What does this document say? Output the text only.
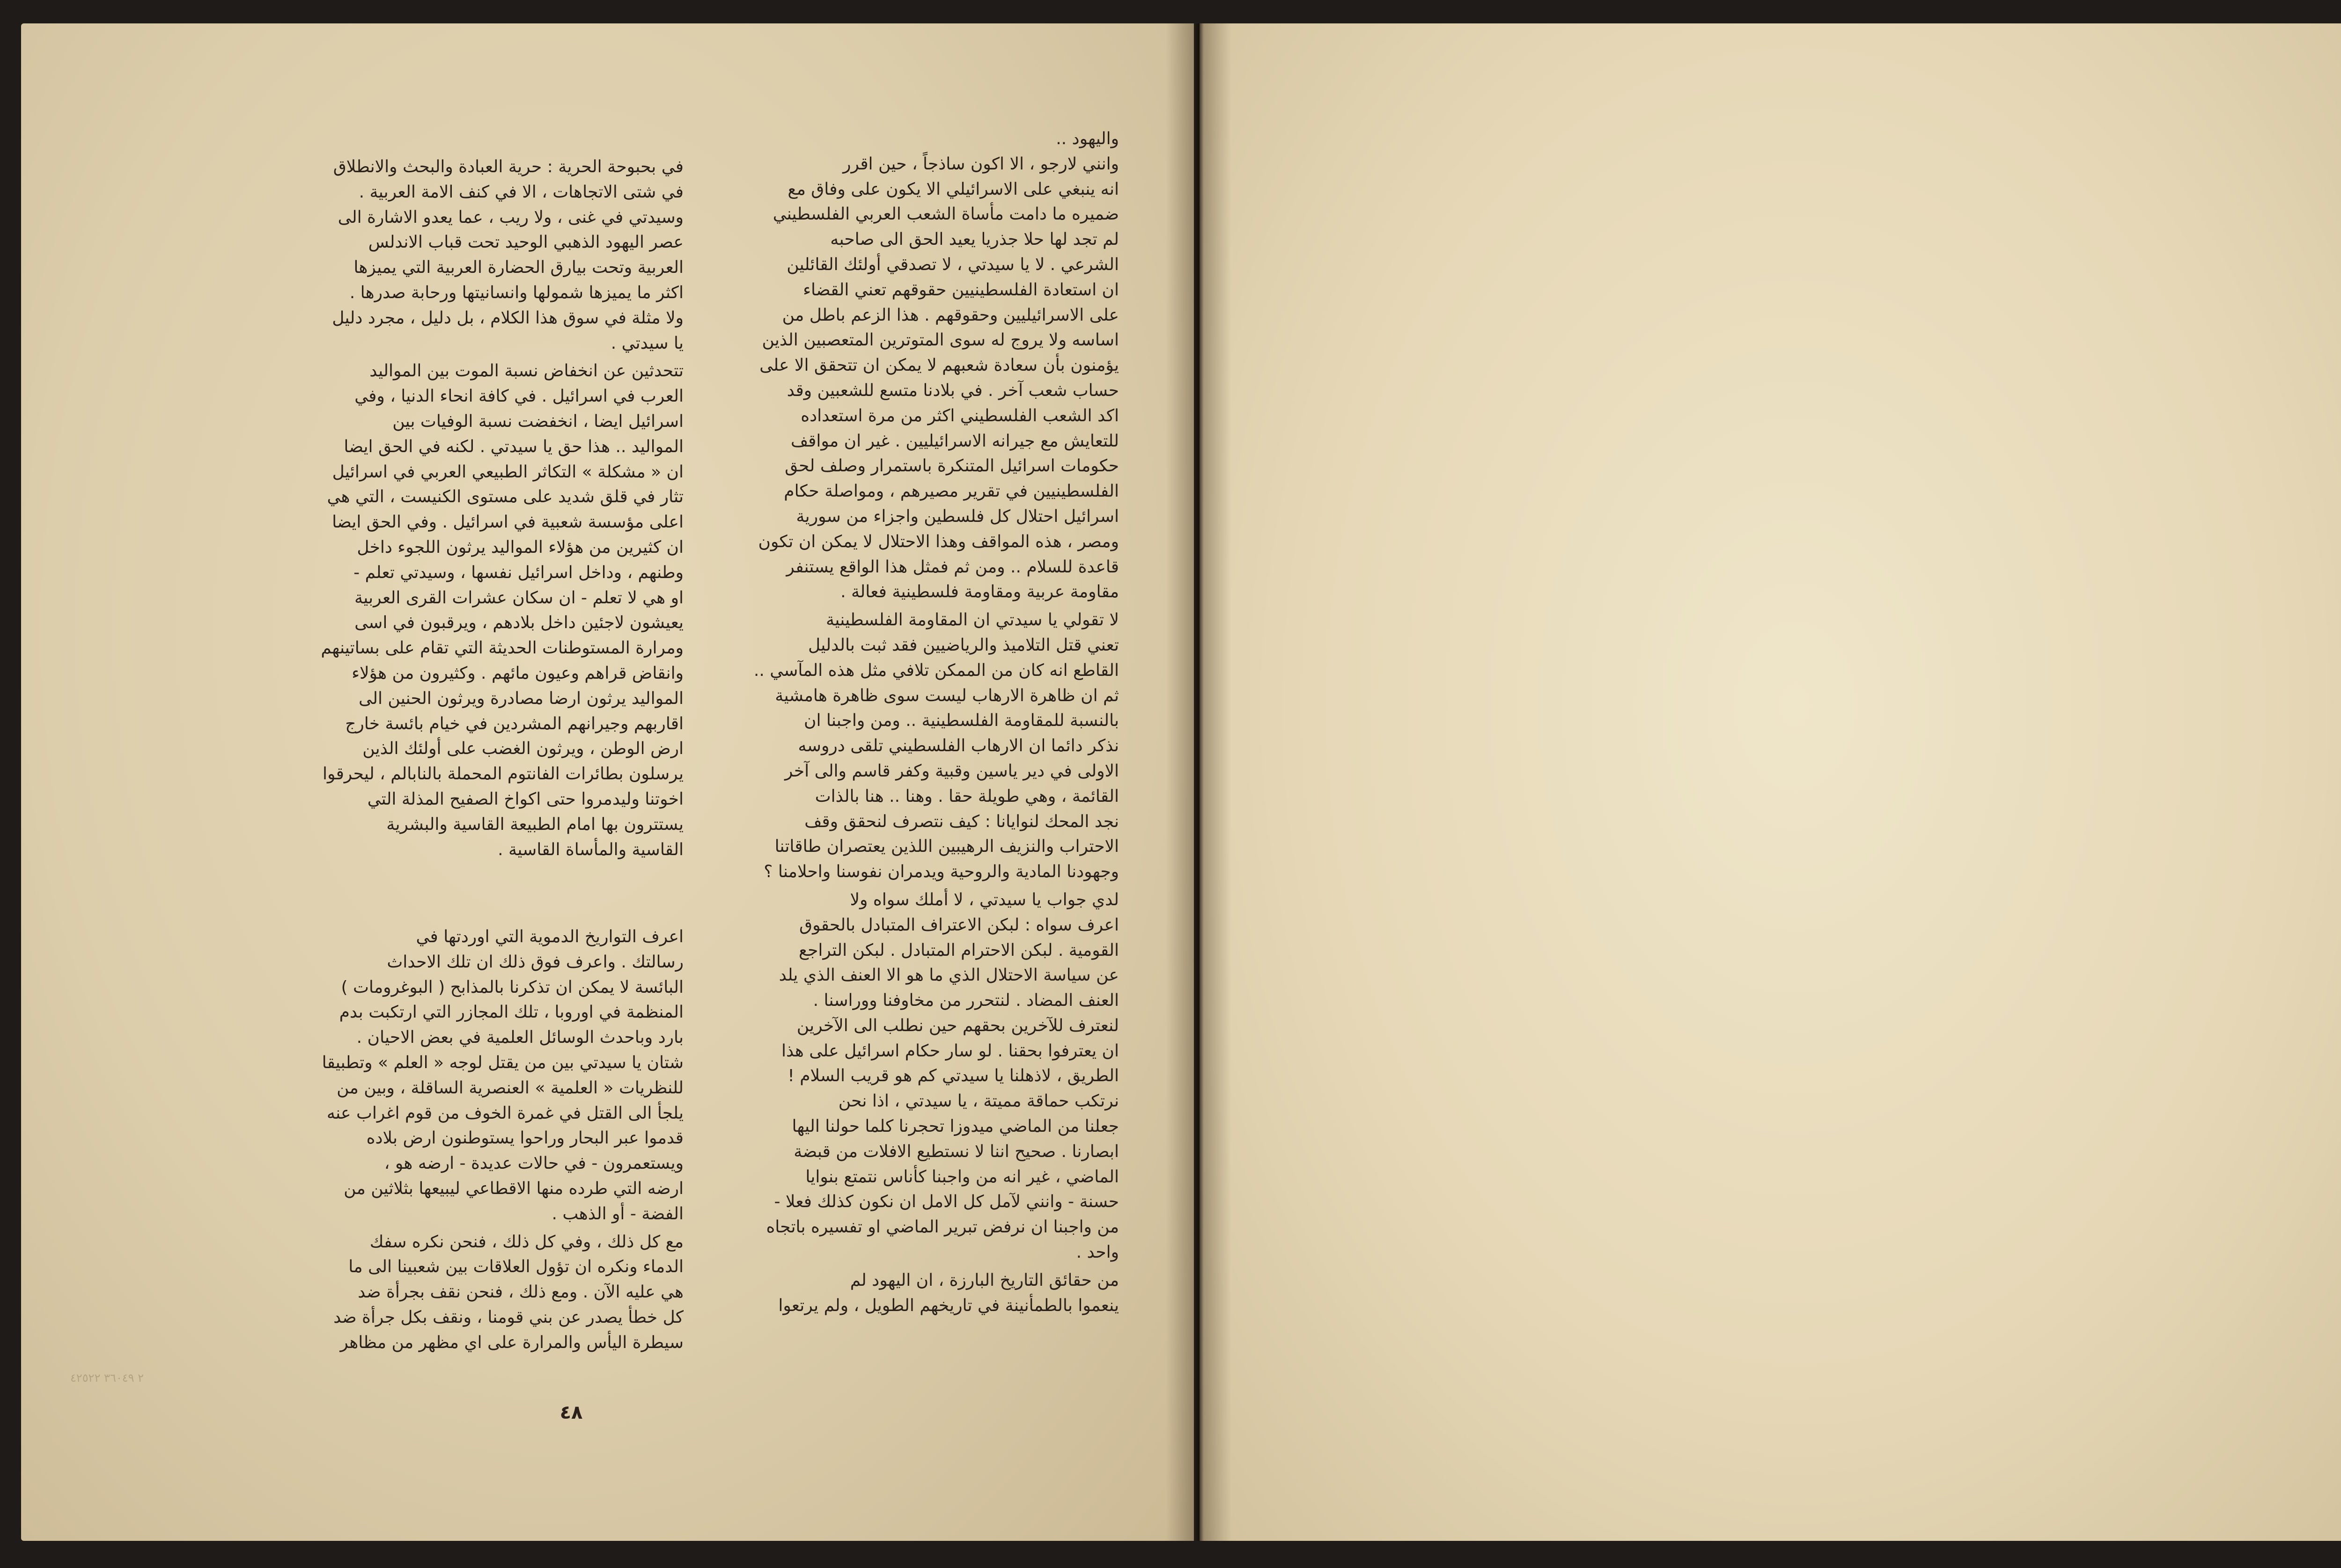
٢ ٣٦٠٤٩ ٤٢٥٢٢

والیهود ..
وانني لارجو ، الا اکون ساذجاً ، حين اقرر
انه ينبغي على الاسرائيلي الا يكون على وفاق مع
ضميره ما دامت مأساة الشعب العربي الفلسطيني
لم تجد لها حلا جذريا يعيد الحق الى صاحبه
الشرعي . لا يا سيدتي ، لا تصدقي أولئك القائلين
ان استعادة الفلسطينيين حقوقهم تعني القضاء
على الاسرائيليين وحقوقهم . هذا الزعم باطل من
اساسه ولا يروج له سوى المتوترين المتعصبين الذين
يؤمنون بأن سعادة شعبهم لا يمكن ان تتحقق الا على
حساب شعب آخر . في بلادنا متسع للشعبين وقد
اكد الشعب الفلسطيني اكثر من مرة استعداده
للتعايش مع جيرانه الاسرائيليين . غير ان مواقف
حكومات اسرائيل المتنكرة باستمرار وصلف لحق
الفلسطينيين في تقرير مصيرهم ، ومواصلة حكام
اسرائيل احتلال كل فلسطين واجزاء من سورية
ومصر ، هذه المواقف وهذا الاحتلال لا يمكن ان تكون
قاعدة للسلام .. ومن ثم فمثل هذا الواقع يستنفر
مقاومة عربية ومقاومة فلسطينية فعالة .

لا تقولي يا سيدتي ان المقاومة الفلسطينية
تعني قتل التلاميذ والرياضيين فقد ثبت بالدليل
القاطع انه كان من الممكن تلافي مثل هذه المآسي ..
ثم ان ظاهرة الارهاب ليست سوى ظاهرة هامشية
بالنسبة للمقاومة الفلسطينية .. ومن واجبنا ان
نذكر دائما ان الارهاب الفلسطيني تلقى دروسه
الاولى في دير ياسين وقبية وكفر قاسم والى آخر
القائمة ، وهي طويلة حقا . وهنا .. هنا بالذات
نجد المحك لنوايانا : كيف نتصرف لنحقق وقف
الاحتراب والنزيف الرهيبين اللذين يعتصران طاقاتنا
وجهودنا المادية والروحية ويدمران نفوسنا واحلامنا ؟

لدي جواب يا سيدتي ، لا أملك سواه ولا
اعرف سواه : لبكن الاعتراف المتبادل بالحقوق
القومية . لبكن الاحترام المتبادل . لبكن التراجع
عن سياسة الاحتلال الذي ما هو الا العنف الذي يلد
العنف المضاد . لنتحرر من مخاوفنا ووراسنا .
لنعترف للآخرين بحقهم حين نطلب الى الآخرين
ان يعترفوا بحقنا . لو سار حكام اسرائيل على هذا
الطريق ، لاذهلنا يا سيدتي كم هو قريب السلام !
نرتكب حماقة مميتة ، يا سيدتي ، اذا نحن
جعلنا من الماضي ميدوزا تحجرنا كلما حولنا اليها
ابصارنا . صحيح اننا لا نستطيع الافلات من قبضة
الماضي ، غير انه من واجبنا كأناس نتمتع بنوايا
حسنة - وانني لآمل كل الامل ان نكون كذلك فعلا -
من واجبنا ان نرفض تبرير الماضي او تفسيره باتجاه
واحد .

من حقائق التاريخ البارزة ، ان اليهود لم
ينعموا بالطمأنينة في تاريخهم الطويل ، ولم يرتعوا

في بحبوحة الحرية : حرية العبادة والبحث والانطلاق
في شتى الاتجاهات ، الا في كنف الامة العربية .
وسيدتي في غنى ، ولا ريب ، عما يعدو الاشارة الى
عصر اليهود الذهبي الوحيد تحت قباب الاندلس
العربية وتحت بيارق الحضارة العربية التي يميزها
اكثر ما يميزها شمولها وانسانيتها ورحابة صدرها .
ولا مثلة في سوق هذا الكلام ، بل دليل ، مجرد دليل
يا سيدتي .

تتحدثين عن انخفاض نسبة الموت بين المواليد
العرب في اسرائيل . في كافة انحاء الدنيا ، وفي
اسرائيل ايضا ، انخفضت نسبة الوفيات بين
المواليد .. هذا حق يا سيدتي . لكنه في الحق ايضا
ان « مشكلة » التكاثر الطبيعي العربي في اسرائيل
تثار في قلق شديد على مستوى الكنيست ، التي هي
اعلى مؤسسة شعبية في اسرائيل . وفي الحق ايضا
ان كثيرين من هؤلاء المواليد يرثون اللجوء داخل
وطنهم ، وداخل اسرائيل نفسها ، وسيدتي تعلم -
او هي لا تعلم - ان سكان عشرات القرى العربية
يعيشون لاجئين داخل بلادهم ، ويرقبون في اسى
ومرارة المستوطنات الحديثة التي تقام على بساتينهم
وانقاض قراهم وعيون مائهم . وكثيرون من هؤلاء
المواليد يرثون ارضا مصادرة ويرثون الحنين الى
اقاربهم وجيرانهم المشردين في خيام بائسة خارج
ارض الوطن ، ويرثون الغضب على أولئك الذين
يرسلون بطائرات الفانتوم المحملة بالنابالم ، ليحرقوا
اخوتنا وليدمروا حتى اكواخ الصفيح المذلة التي
يستترون بها امام الطبيعة القاسية والبشرية
القاسية والمأساة القاسية .

اعرف التواريخ الدموية التي اوردتها في
رسالتك . واعرف فوق ذلك ان تلك الاحداث
البائسة لا يمكن ان تذكرنا بالمذابح ( البوغرومات )
المنظمة في اوروبا ، تلك المجازر التي ارتكبت بدم
بارد وباحدث الوسائل العلمية في بعض الاحيان .
شتان يا سيدتي بين من يقتل لوجه « العلم » وتطبيقا
للنظريات « العلمية » العنصرية الساقلة ، وبين من
يلجأ الى القتل في غمرة الخوف من قوم اغراب عنه
قدموا عبر البحار وراحوا يستوطنون ارض بلاده
ويستعمرون - في حالات عديدة - ارضه هو ،
ارضه التي طرده منها الاقطاعي ليبيعها بثلاثين من
الفضة - أو الذهب .

مع كل ذلك ، وفي كل ذلك ، فنحن نكره سفك
الدماء ونكره ان تؤول العلاقات بين شعبينا الى ما
هي عليه الآن . ومع ذلك ، فنحن نقف بجرأة ضد
كل خطأ يصدر عن بني قومنا ، ونقف بكل جرأة ضد
سيطرة اليأس والمرارة على اي مظهر من مظاهر

٤٨
